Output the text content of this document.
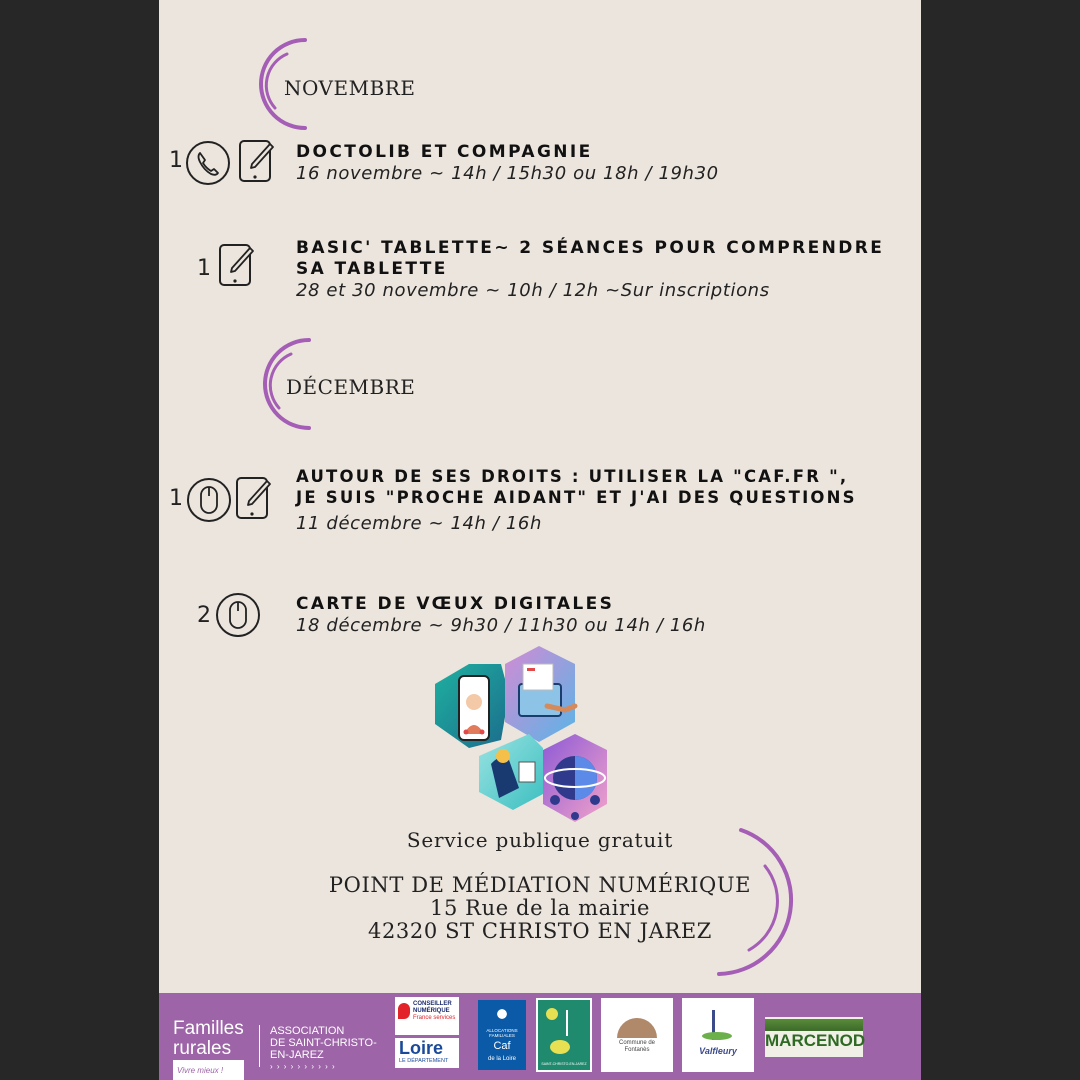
NOVEMBRE
1	DOCTOLIB ET COMPAGNIE
16 novembre ~ 14h / 15h30 ou 18h / 19h30
1
BASIC' TABLETTE~ 2 SÉANCES POUR COMPRENDRE
SA TABLETTE
28 et 30 novembre ~ 10h / 12h ~Sur inscriptions
DÉCEMBRE
1
AUTOUR DE SES DROITS : UTILISER LA "CAF.FR ",
JE SUIS "PROCHE AIDANT" ET J'AI DES QUESTIONS
11 décembre ~ 14h / 16h
2	CARTE DE VŒUX DIGITALES
18 décembre ~ 9h30 / 11h30 ou 14h / 16h
Service publique gratuit
POINT DE MÉDIATION NUMÉRIQUE
15 Rue de la mairie
42320 ST CHRISTO EN JAREZ
Familles
rurales
Vivre mieux !
ASSOCIATION
DE SAINT-CHRISTO-
EN-JAREZ
› › › › › › › › › ›
CONSEILLER
NUMÉRIQUE
France services
Loire
LE DÉPARTEMENT
ALLOCATIONS
FAMILIALES
Caf
de la Loire
SAINT-CHRISTO-EN-JAREZ
Commune de
Fontanès	Valfleury
MARCENOD
